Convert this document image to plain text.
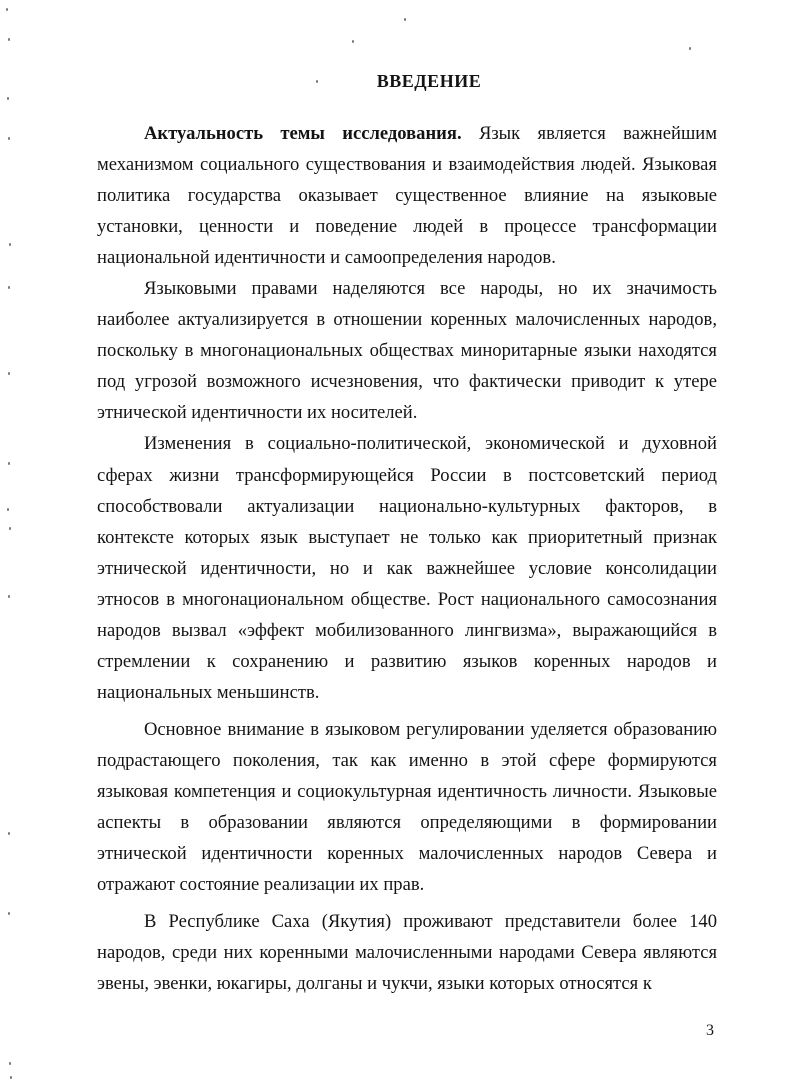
ВВЕДЕНИЕ

Актуальность темы исследования. Язык является важнейшим механизмом социального существования и взаимодействия людей. Языковая политика государства оказывает существенное влияние на языковые установки, ценности и поведение людей в процессе трансформации национальной идентичности и самоопределения народов.

Языковыми правами наделяются все народы, но их значимость наиболее актуализируется в отношении коренных малочисленных народов, поскольку в многонациональных обществах миноритарные языки находятся под угрозой возможного исчезновения, что фактически приводит к утере этнической идентичности их носителей.

Изменения в социально-политической, экономической и духовной сферах жизни трансформирующейся России в постсоветский период способствовали актуализации национально-культурных факторов, в контексте которых язык выступает не только как приоритетный признак этнической идентичности, но и как важнейшее условие консолидации этносов в многонациональном обществе. Рост национального самосознания народов вызвал «эффект мобилизованного лингвизма», выражающийся в стремлении к сохранению и развитию языков коренных народов и национальных меньшинств.

Основное внимание в языковом регулировании уделяется образованию подрастающего поколения, так как именно в этой сфере формируются языковая компетенция и социокультурная идентичность личности. Языковые аспекты в образовании являются определяющими в формировании этнической идентичности коренных малочисленных народов Севера и отражают состояние реализации их прав.

В Республике Саха (Якутия) проживают представители более 140 народов, среди них коренными малочисленными народами Севера являются эвены, эвенки, юкагиры, долганы и чукчи, языки которых относятся к

3
